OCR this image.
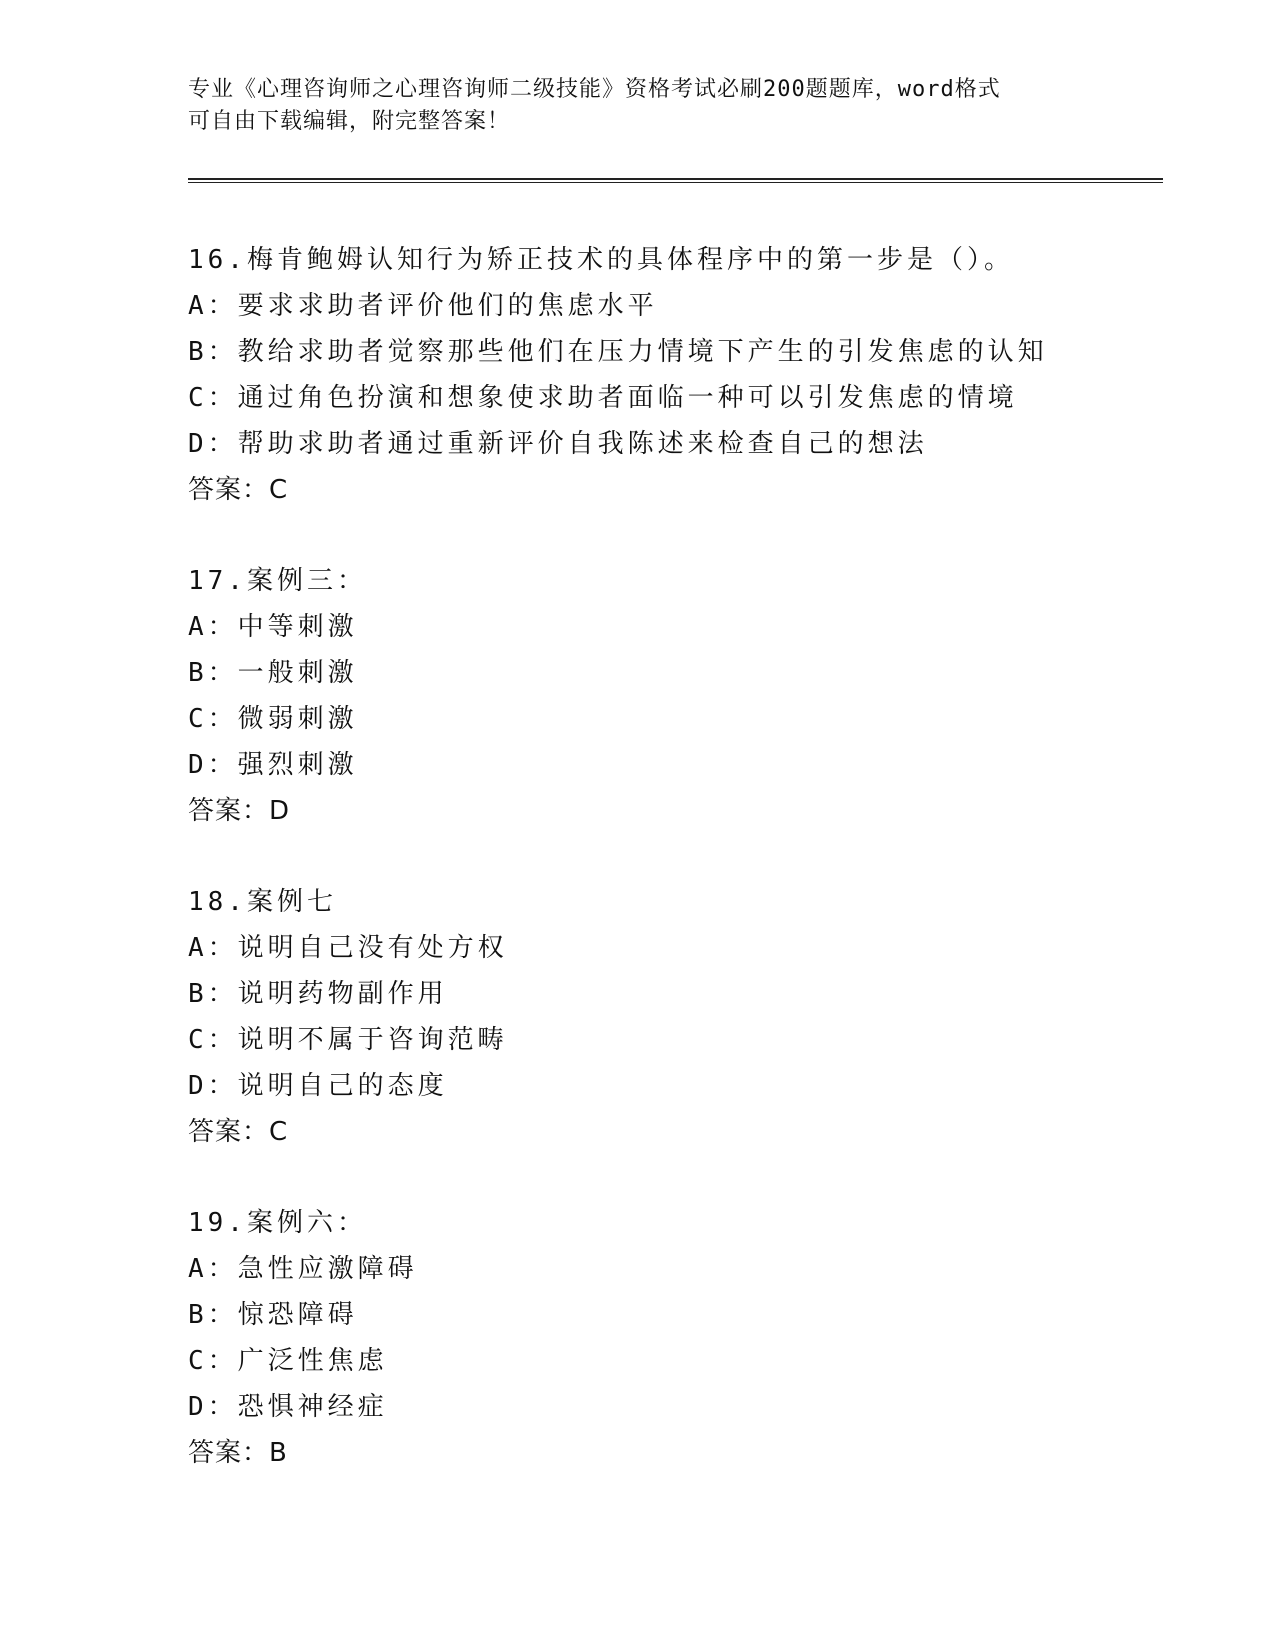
专业《心理咨询师之心理咨询师二级技能》资格考试必刷200题题库，word格式
可自由下载编辑，附完整答案！
16.梅肯鲍姆认知行为矫正技术的具体程序中的第一步是（）。
A：要求求助者评价他们的焦虑水平
B：教给求助者觉察那些他们在压力情境下产生的引发焦虑的认知
C：通过角色扮演和想象使求助者面临一种可以引发焦虑的情境
D：帮助求助者通过重新评价自我陈述来检查自己的想法
答案：C
17.案例三：
A：中等刺激
B：一般刺激
C：微弱刺激
D：强烈刺激
答案：D
18.案例七
A：说明自己没有处方权
B：说明药物副作用
C：说明不属于咨询范畴
D：说明自己的态度
答案：C
19.案例六：
A：急性应激障碍
B：惊恐障碍
C：广泛性焦虑
D：恐惧神经症
答案：B
